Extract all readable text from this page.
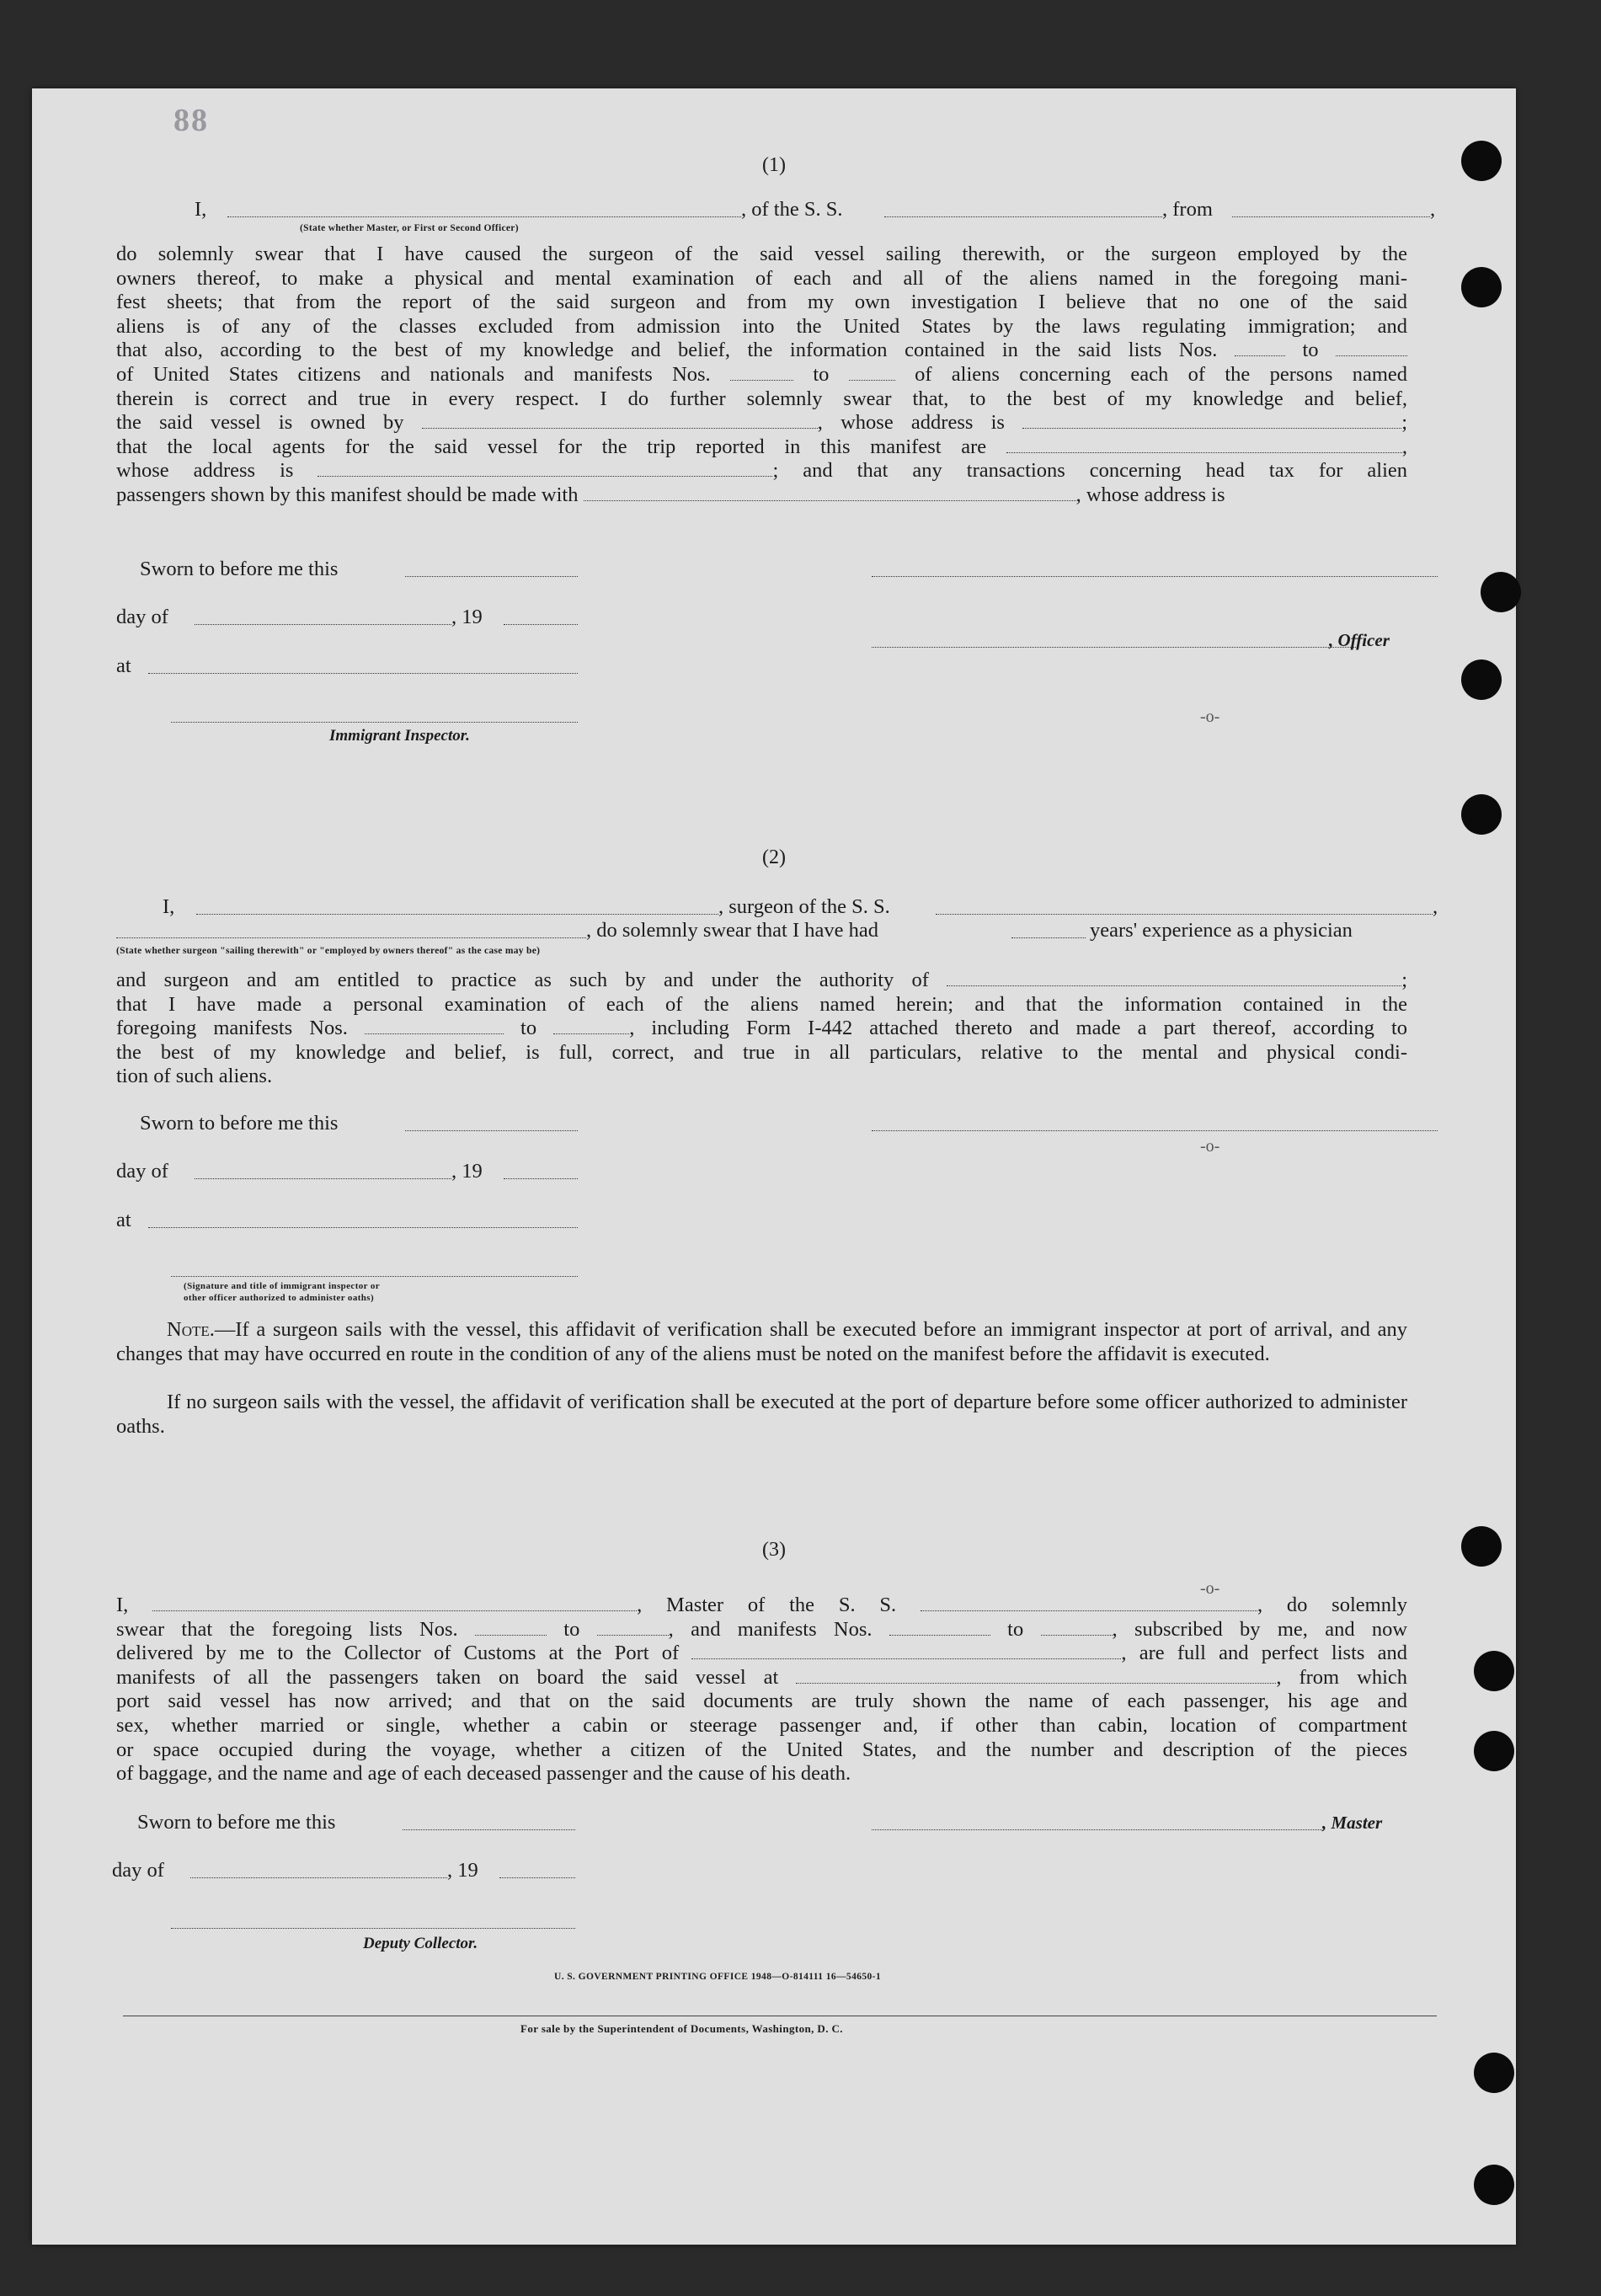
88
(1)
I,	, of the S. S.	, from	,
(State whether Master, or First or Second Officer)
do solemnly swear that I have caused the surgeon of the said vessel sailing therewith, or the surgeon employed by the
owners thereof, to make a physical and mental examination of each and all of the aliens named in the foregoing mani-
fest sheets; that from the report of the said surgeon and from my own investigation I believe that no one of the said
aliens is of any of the classes excluded from admission into the United States by the laws regulating immigration; and
that also, according to the best of my knowledge and belief, the information contained in the said lists Nos.	to
of United States citizens and nationals and manifests Nos.	to	of aliens concerning each of the persons named
therein is correct and true in every respect. I do further solemnly swear that, to the best of my knowledge and belief,
the said vessel is owned by	, whose address is	;
that the local agents for the said vessel for the trip reported in this manifest are	,
whose address is	; and that any transactions concerning head tax for alien
passengers shown by this manifest should be made with	, whose address is
Sworn to before me this
day of	, 19
, Officer
at
-o-
Immigrant Inspector.
(2)
I,	, surgeon of the S. S.	,
, do solemnly swear that I have had	years' experience as a physician
(State whether surgeon "sailing therewith" or "employed by owners thereof" as the case may be)
and surgeon and am entitled to practice as such by and under the authority of	;
that I have made a personal examination of each of the aliens named herein; and that the information contained in the
foregoing manifests Nos.	to	, including Form I-442 attached thereto and made a part thereof, according to
the best of my knowledge and belief, is full, correct, and true in all particulars, relative to the mental and physical condi-
tion of such aliens.
Sworn to before me this
-o-
day of	, 19
at
(Signature and title of immigrant inspector or
other officer authorized to administer oaths)
Note.—If a surgeon sails with the vessel, this affidavit of verification shall be executed before an immigrant inspector at port of arrival, and any changes that may have occurred en route in the condition of any of the aliens must be noted on the manifest before the affidavit is executed.
If no surgeon sails with the vessel, the affidavit of verification shall be executed at the port of departure before some officer authorized to administer oaths.
(3)
-o-
I,	, Master of the S. S.	, do solemnly
swear that the foregoing lists Nos.	to	, and manifests Nos.	to	, subscribed by me, and now
delivered by me to the Collector of Customs at the Port of	, are full and perfect lists and
manifests of all the passengers taken on board the said vessel at	, from which
port said vessel has now arrived; and that on the said documents are truly shown the name of each passenger, his age and
sex, whether married or single, whether a cabin or steerage passenger and, if other than cabin, location of compartment
or space occupied during the voyage, whether a citizen of the United States, and the number and description of the pieces
of baggage, and the name and age of each deceased passenger and the cause of his death.
Sworn to before me this	, Master
day of	, 19
Deputy Collector.
U. S. GOVERNMENT PRINTING OFFICE 1948—O-814111 16—54650-1
For sale by the Superintendent of Documents, Washington, D. C.
